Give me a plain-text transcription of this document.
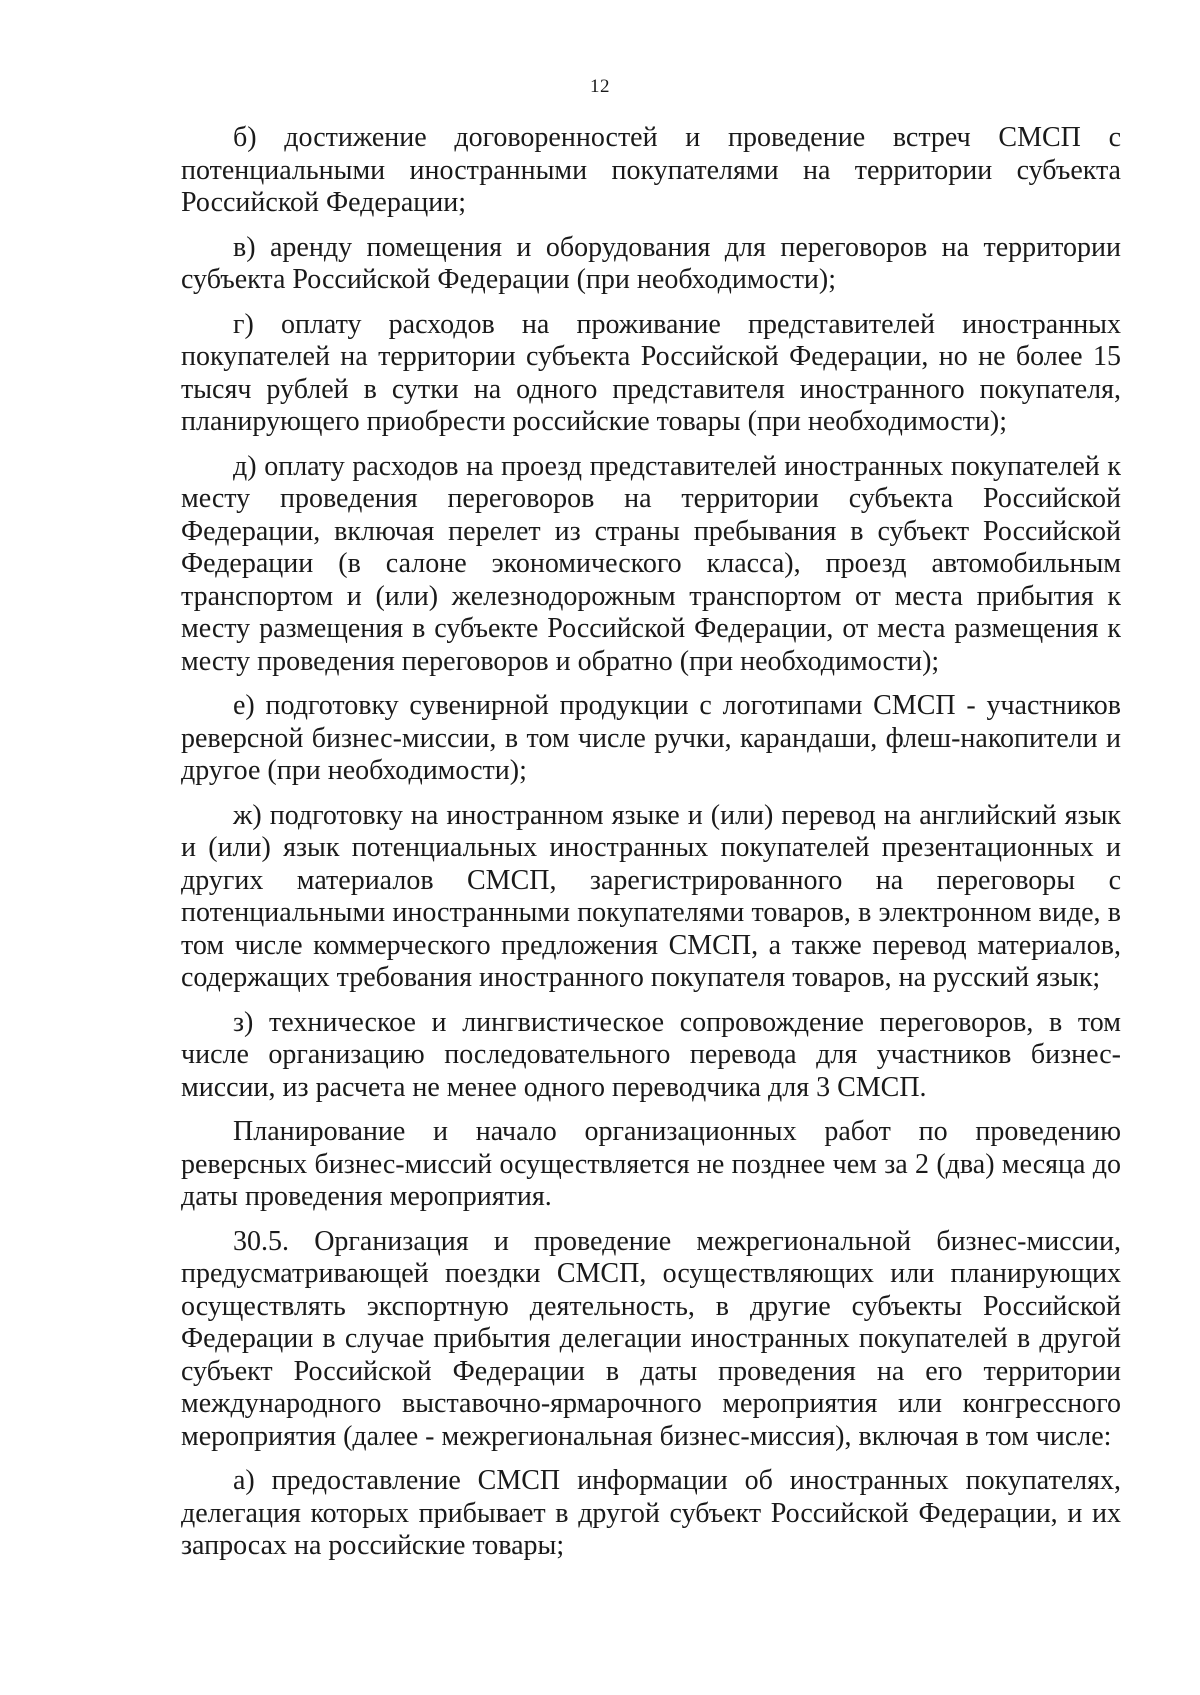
12

б) достижение договоренностей и проведение встреч СМСП с потенциальными иностранными покупателями на территории субъекта Российской Федерации;

в) аренду помещения и оборудования для переговоров на территории субъекта Российской Федерации (при необходимости);

г) оплату расходов на проживание представителей иностранных покупателей на территории субъекта Российской Федерации, но не более 15 тысяч рублей в сутки на одного представителя иностранного покупателя, планирующего приобрести российские товары (при необходимости);

д) оплату расходов на проезд представителей иностранных покупателей к месту проведения переговоров на территории субъекта Российской Федерации, включая перелет из страны пребывания в субъект Российской Федерации (в салоне экономического класса), проезд автомобильным транспортом и (или) железнодорожным транспортом от места прибытия к месту размещения в субъекте Российской Федерации, от места размещения к месту проведения переговоров и обратно (при необходимости);

е) подготовку сувенирной продукции с логотипами СМСП - участников реверсной бизнес-миссии, в том числе ручки, карандаши, флеш-накопители и другое (при необходимости);

ж) подготовку на иностранном языке и (или) перевод на английский язык и (или) язык потенциальных иностранных покупателей презентационных и других материалов СМСП, зарегистрированного на переговоры с потенциальными иностранными покупателями товаров, в электронном виде, в том числе коммерческого предложения СМСП, а также перевод материалов, содержащих требования иностранного покупателя товаров, на русский язык;

з) техническое и лингвистическое сопровождение переговоров, в том числе организацию последовательного перевода для участников бизнес-миссии, из расчета не менее одного переводчика для 3 СМСП.

Планирование и начало организационных работ по проведению реверсных бизнес-миссий осуществляется не позднее чем за 2 (два) месяца до даты проведения мероприятия.

30.5. Организация и проведение межрегиональной бизнес-миссии, предусматривающей поездки СМСП, осуществляющих или планирующих осуществлять экспортную деятельность, в другие субъекты Российской Федерации в случае прибытия делегации иностранных покупателей в другой субъект Российской Федерации в даты проведения на его территории международного выставочно-ярмарочного мероприятия или конгрессного мероприятия (далее - межрегиональная бизнес-миссия), включая в том числе:

а) предоставление СМСП информации об иностранных покупателях, делегация которых прибывает в другой субъект Российской Федерации, и их запросах на российские товары;
